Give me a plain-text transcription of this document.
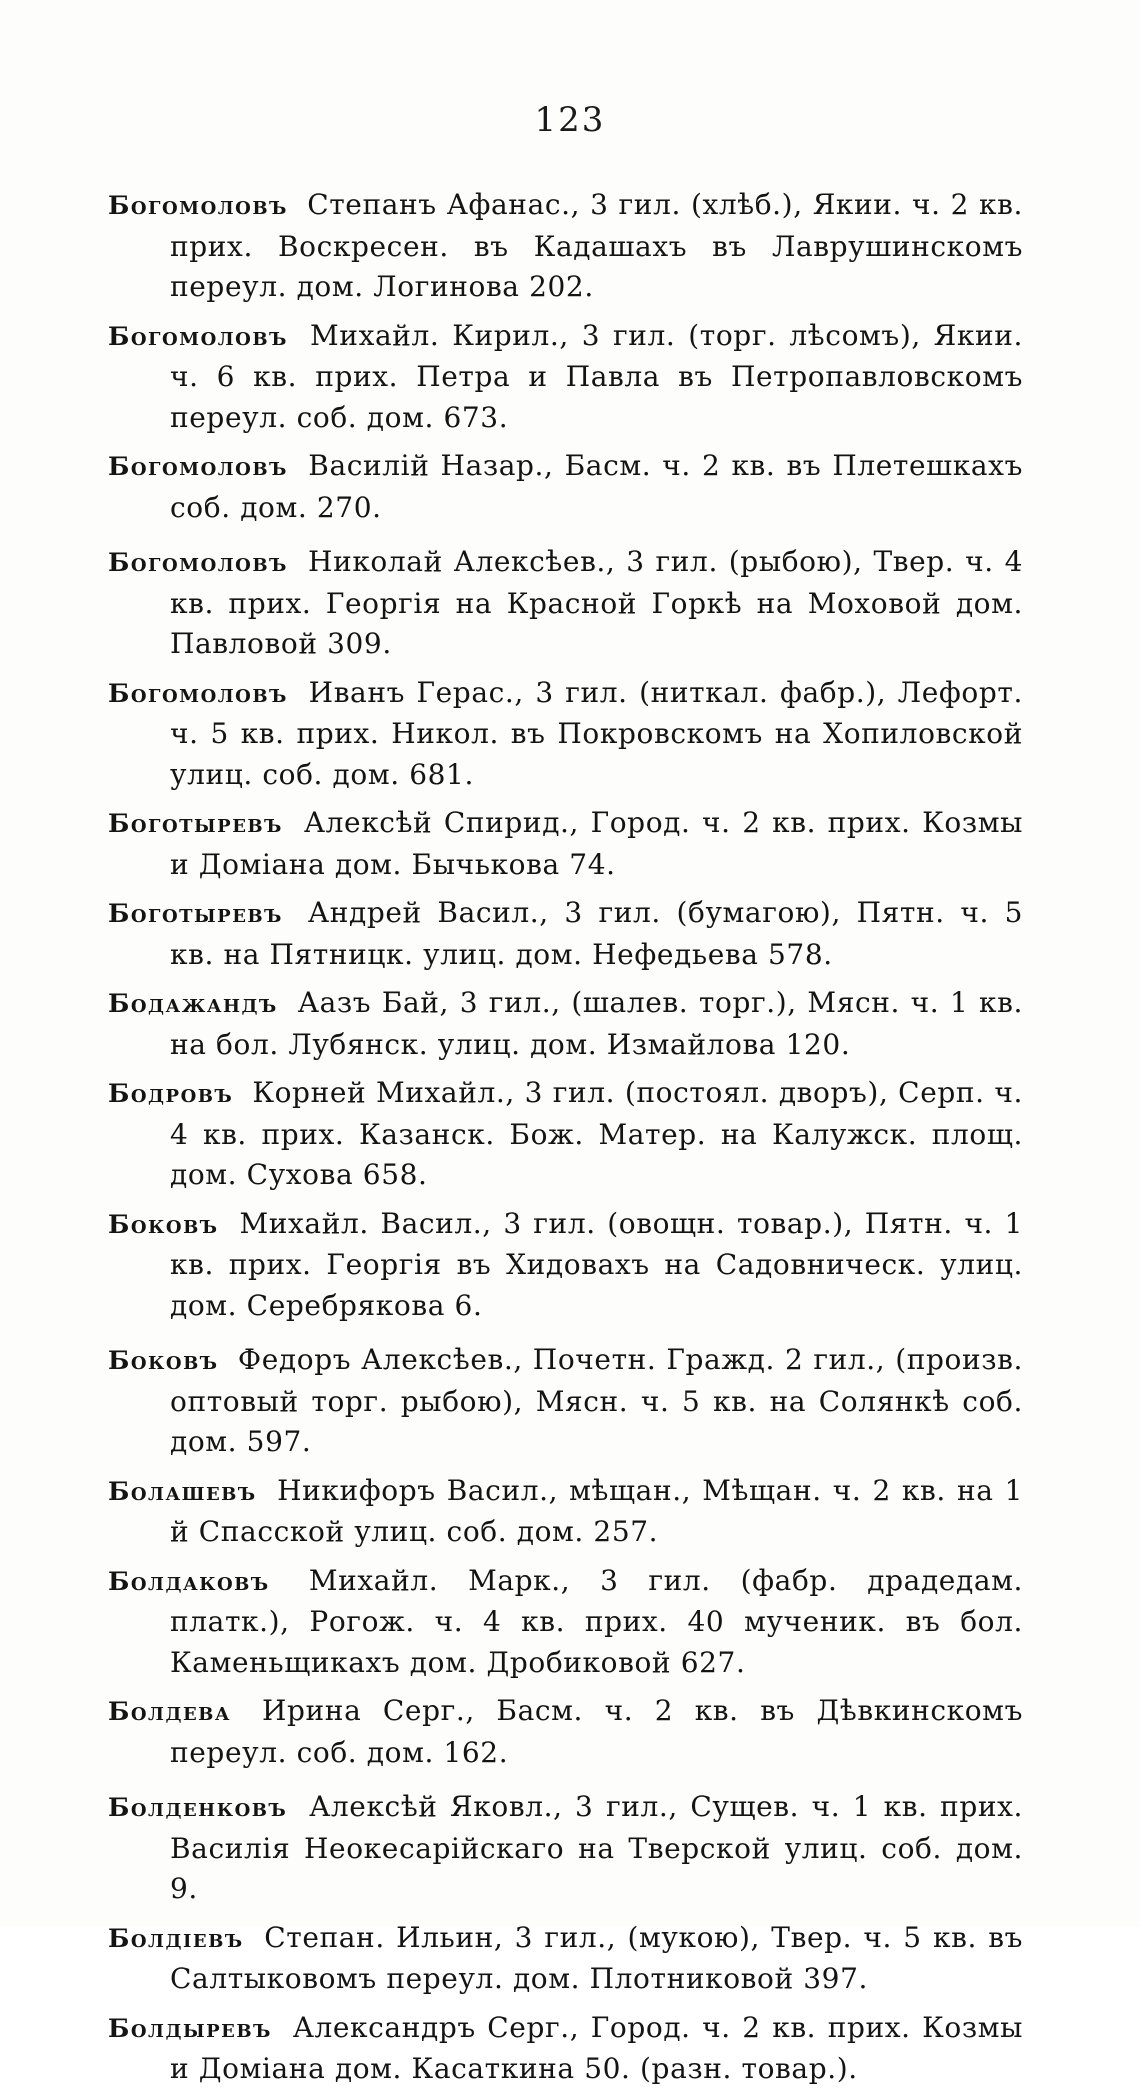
123

Богомоловъ Степанъ Афанас., 3 гил. (хлѣб.), Якии. ч. 2 кв. прих. Воскресен. въ Кадашахъ въ Лаврушинскомъ переул. дом. Логинова 202.

Богомоловъ Михайл. Кирил., 3 гил. (торг. лѣсомъ), Якии. ч. 6 кв. прих. Петра и Павла въ Петропавловскомъ переул. соб. дом. 673.

Богомоловъ Василій Назар., Басм. ч. 2 кв. въ Плетешкахъ соб. дом. 270.

Богомоловъ Николай Алексѣев., 3 гил. (рыбою), Твер. ч. 4 кв. прих. Георгія на Красной Горкѣ на Моховой дом. Павловой 309.

Богомоловъ Иванъ Герас., 3 гил. (ниткал. фабр.), Лефорт. ч. 5 кв. прих. Никол. въ Покровскомъ на Хопиловской улиц. соб. дом. 681.

Боготыревъ Алексѣй Спирид., Город. ч. 2 кв. прих. Козмы и Доміана дом. Бычькова 74.

Боготыревъ Андрей Васил., 3 гил. (бумагою), Пятн. ч. 5 кв. на Пятницк. улиц. дом. Нефедьева 578.

Бодажандъ Аазъ Бай, 3 гил., (шалев. торг.), Мясн. ч. 1 кв. на бол. Лубянск. улиц. дом. Измайлова 120.

Бодровъ Корней Михайл., 3 гил. (постоял. дворъ), Серп. ч. 4 кв. прих. Казанск. Бож. Матер. на Калужск. площ. дом. Сухова 658.

Боковъ Михайл. Васил., 3 гил. (овощн. товар.), Пятн. ч. 1 кв. прих. Георгія въ Хидовахъ на Садовническ. улиц. дом. Серебрякова 6.

Боковъ Федоръ Алексѣев., Почетн. Гражд. 2 гил., (произв. оптовый торг. рыбою), Мясн. ч. 5 кв. на Солянкѣ соб. дом. 597.

Болашевъ Никифоръ Васил., мѣщан., Мѣщан. ч. 2 кв. на 1 й Спасской улиц. соб. дом. 257.

Болдаковъ Михайл. Марк., 3 гил. (фабр. драдедам. платк.), Рогож. ч. 4 кв. прих. 40 мученик. въ бол. Каменьщикахъ дом. Дробиковой 627.

Болдева Ирина Серг., Басм. ч. 2 кв. въ Дѣвкинскомъ переул. соб. дом. 162.

Болденковъ Алексѣй Яковл., 3 гил., Сущев. ч. 1 кв. прих. Василія Неокесарійскаго на Тверской улиц. соб. дом. 9.

Болдіевъ Степан. Ильин, 3 гил., (мукою), Твер. ч. 5 кв. въ Салтыковомъ переул. дом. Плотниковой 397.

Болдыревъ Александръ Серг., Город. ч. 2 кв. прих. Козмы и Доміана дом. Касаткина 50. (разн. товар.).
